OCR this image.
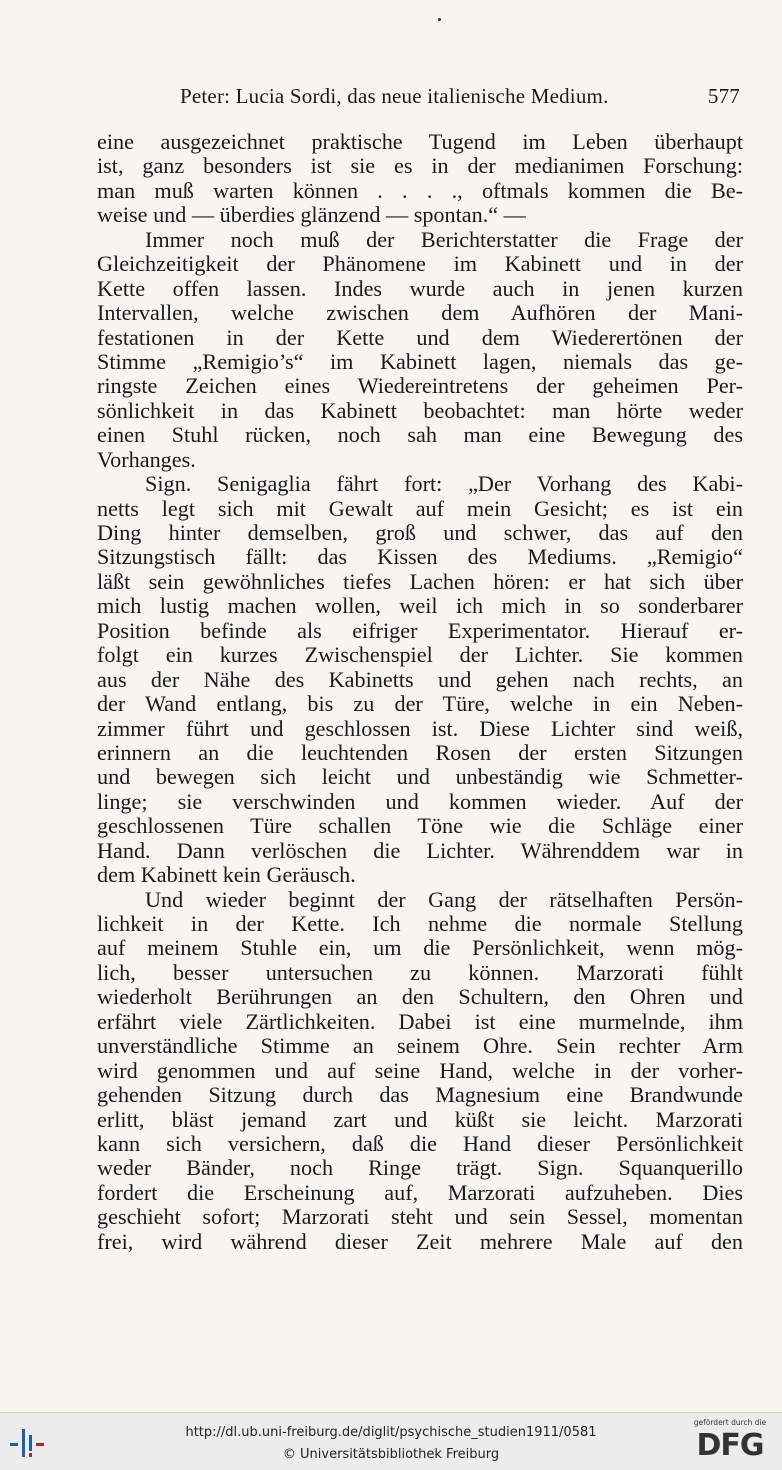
Peter: Lucia Sordi, das neue italienische Medium.	577
eine ausgezeichnet praktische Tugend im Leben überhaupt
ist, ganz besonders ist sie es in der medianimen Forschung:
man muß warten können . . . ., oftmals kommen die Be-
weise und — überdies glänzend — spontan.“ —
Immer noch muß der Berichterstatter die Frage der
Gleichzeitigkeit der Phänomene im Kabinett und in der
Kette offen lassen. Indes wurde auch in jenen kurzen
Intervallen, welche zwischen dem Aufhören der Mani-
festationen in der Kette und dem Wiederertönen der
Stimme „Remigio’s“ im Kabinett lagen, niemals das ge-
ringste Zeichen eines Wiedereintretens der geheimen Per-
sönlichkeit in das Kabinett beobachtet: man hörte weder
einen Stuhl rücken, noch sah man eine Bewegung des
Vorhanges.
Sign. Senigaglia fährt fort: „Der Vorhang des Kabi-
netts legt sich mit Gewalt auf mein Gesicht; es ist ein
Ding hinter demselben, groß und schwer, das auf den
Sitzungstisch fällt: das Kissen des Mediums. „Remigio“
läßt sein gewöhnliches tiefes Lachen hören: er hat sich über
mich lustig machen wollen, weil ich mich in so sonderbarer
Position befinde als eifriger Experimentator. Hierauf er-
folgt ein kurzes Zwischenspiel der Lichter. Sie kommen
aus der Nähe des Kabinetts und gehen nach rechts, an
der Wand entlang, bis zu der Türe, welche in ein Neben-
zimmer führt und geschlossen ist. Diese Lichter sind weiß,
erinnern an die leuchtenden Rosen der ersten Sitzungen
und bewegen sich leicht und unbeständig wie Schmetter-
linge; sie verschwinden und kommen wieder. Auf der
geschlossenen Türe schallen Töne wie die Schläge einer
Hand. Dann verlöschen die Lichter. Währenddem war in
dem Kabinett kein Geräusch.
Und wieder beginnt der Gang der rätselhaften Persön-
lichkeit in der Kette. Ich nehme die normale Stellung
auf meinem Stuhle ein, um die Persönlichkeit, wenn mög-
lich, besser untersuchen zu können. Marzorati fühlt
wiederholt Berührungen an den Schultern, den Ohren und
erfährt viele Zärtlichkeiten. Dabei ist eine murmelnde, ihm
unverständliche Stimme an seinem Ohre. Sein rechter Arm
wird genommen und auf seine Hand, welche in der vorher-
gehenden Sitzung durch das Magnesium eine Brandwunde
erlitt, bläst jemand zart und küßt sie leicht. Marzorati
kann sich versichern, daß die Hand dieser Persönlichkeit
weder Bänder, noch Ringe trägt. Sign. Squanquerillo
fordert die Erscheinung auf, Marzorati aufzuheben. Dies
geschieht sofort; Marzorati steht und sein Sessel, momentan
frei, wird während dieser Zeit mehrere Male auf den
http://dl.ub.uni-freiburg.de/diglit/psychische_studien1911/0581
© Universitätsbibliothek Freiburg
gefördert durch die
DFG
